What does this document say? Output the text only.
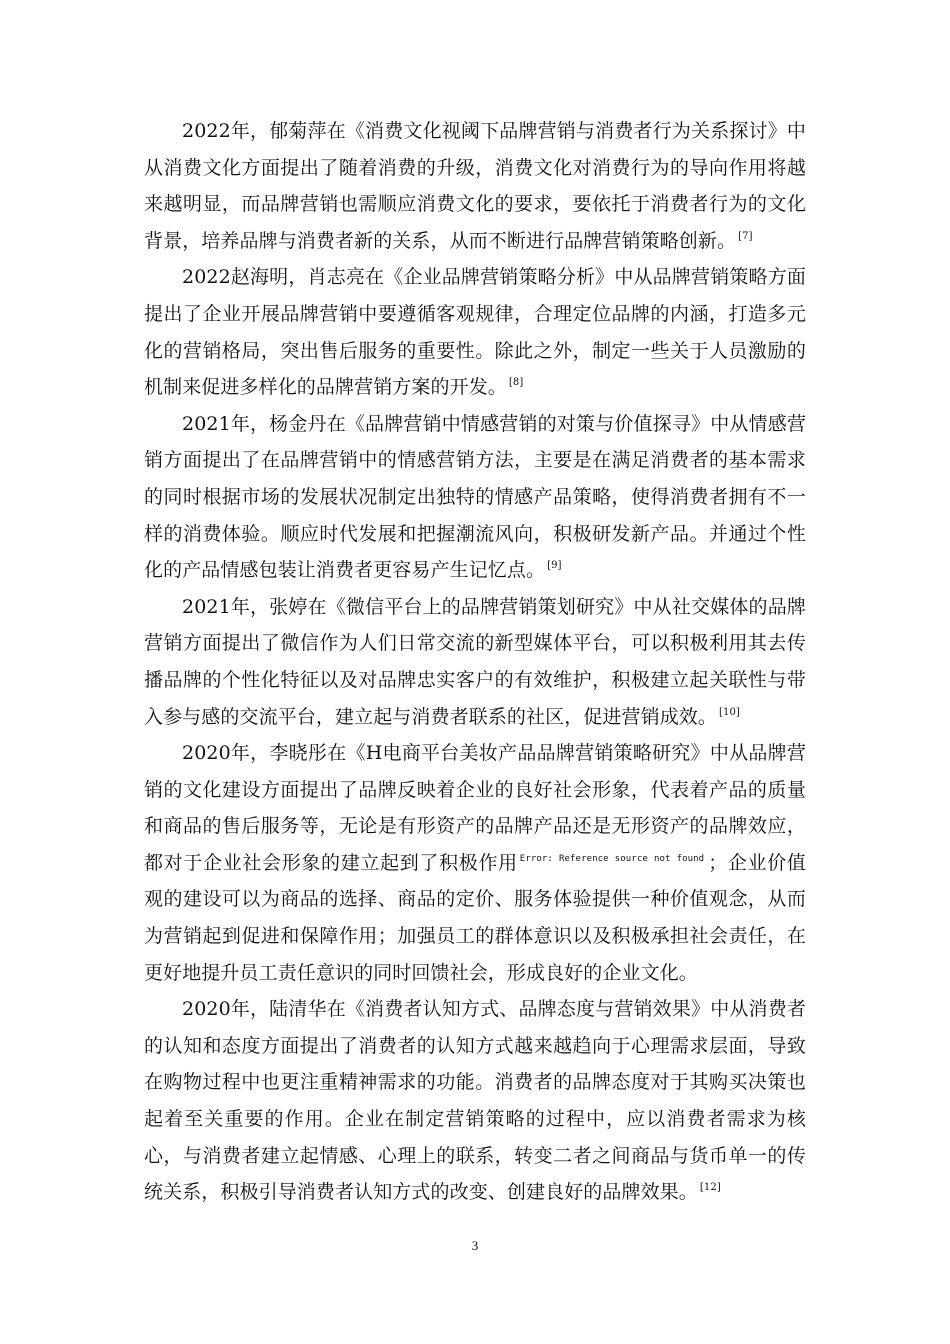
2022年，郁菊萍在《消费文化视阈下品牌营销与消费者行为关系探讨》中从消费文化方面提出了随着消费的升级，消费文化对消费行为的导向作用将越来越明显，而品牌营销也需顺应消费文化的要求，要依托于消费者行为的文化背景，培养品牌与消费者新的关系，从而不断进行品牌营销策略创新。 [7]

2022赵海明，肖志亮在《企业品牌营销策略分析》中从品牌营销策略方面提出了企业开展品牌营销中要遵循客观规律，合理定位品牌的内涵，打造多元化的营销格局，突出售后服务的重要性。除此之外，制定一些关于人员激励的机制来促进多样化的品牌营销方案的开发。 [8]

2021年，杨金丹在《品牌营销中情感营销的对策与价值探寻》中从情感营销方面提出了在品牌营销中的情感营销方法，主要是在满足消费者的基本需求的同时根据市场的发展状况制定出独特的情感产品策略，使得消费者拥有不一样的消费体验。顺应时代发展和把握潮流风向，积极研发新产品。并通过个性化的产品情感包装让消费者更容易产生记忆点。 [9]

2021年，张婷在《微信平台上的品牌营销策划研究》中从社交媒体的品牌营销方面提出了微信作为人们日常交流的新型媒体平台，可以积极利用其去传播品牌的个性化特征以及对品牌忠实客户的有效维护，积极建立起关联性与带入参与感的交流平台，建立起与消费者联系的社区，促进营销成效。 [10]

2020年，李晓彤在《H电商平台美妆产品品牌营销策略研究》中从品牌营销的文化建设方面提出了品牌反映着企业的良好社会形象，代表着产品的质量和商品的售后服务等，无论是有形资产的品牌产品还是无形资产的品牌效应，都对于企业社会形象的建立起到了积极作用 $^{Error: Reference source not found}$ ；企业价值观的建设可以为商品的选择、商品的定价、服务体验提供一种价值观念，从而为营销起到促进和保障作用；加强员工的群体意识以及积极承担社会责任，在更好地提升员工责任意识的同时回馈社会，形成良好的企业文化。

2020年，陆清华在《消费者认知方式、品牌态度与营销效果》中从消费者的认知和态度方面提出了消费者的认知方式越来越趋向于心理需求层面，导致在购物过程中也更注重精神需求的功能。消费者的品牌态度对于其购买决策也起着至关重要的作用。企业在制定营销策略的过程中，应以消费者需求为核心，与消费者建立起情感、心理上的联系，转变二者之间商品与货币单一的传统关系，积极引导消费者认知方式的改变、创建良好的品牌效果。 [12]

3
